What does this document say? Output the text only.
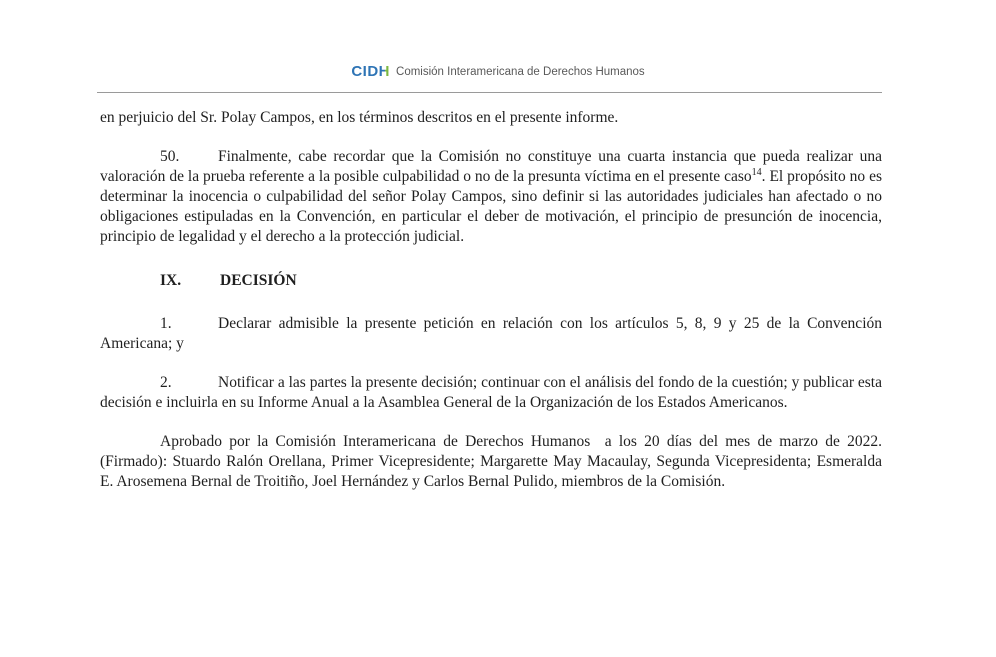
CIDH Comisión Interamericana de Derechos Humanos

en perjuicio del Sr. Polay Campos, en los términos descritos en el presente informe.

50. Finalmente, cabe recordar que la Comisión no constituye una cuarta instancia que pueda realizar una valoración de la prueba referente a la posible culpabilidad o no de la presunta víctima en el presente caso$^{14}$. El propósito no es determinar la inocencia o culpabilidad del señor Polay Campos, sino definir si las autoridades judiciales han afectado o no obligaciones estipuladas en la Convención, en particular el deber de motivación, el principio de presunción de inocencia, principio de legalidad y el derecho a la protección judicial.

IX.	DECISIÓN

1.	Declarar admisible la presente petición en relación con los artículos 5, 8, 9 y 25 de la Convención Americana; y

2.	Notificar a las partes la presente decisión; continuar con el análisis del fondo de la cuestión; y publicar esta decisión e incluirla en su Informe Anual a la Asamblea General de la Organización de los Estados Americanos.

Aprobado por la Comisión Interamericana de Derechos Humanos  a los 20 días del mes de marzo de 2022. (Firmado): Stuardo Ralón Orellana, Primer Vicepresidente; Margarette May Macaulay, Segunda Vicepresidenta; Esmeralda E. Arosemena Bernal de Troitiño, Joel Hernández y Carlos Bernal Pulido, miembros de la Comisión.
